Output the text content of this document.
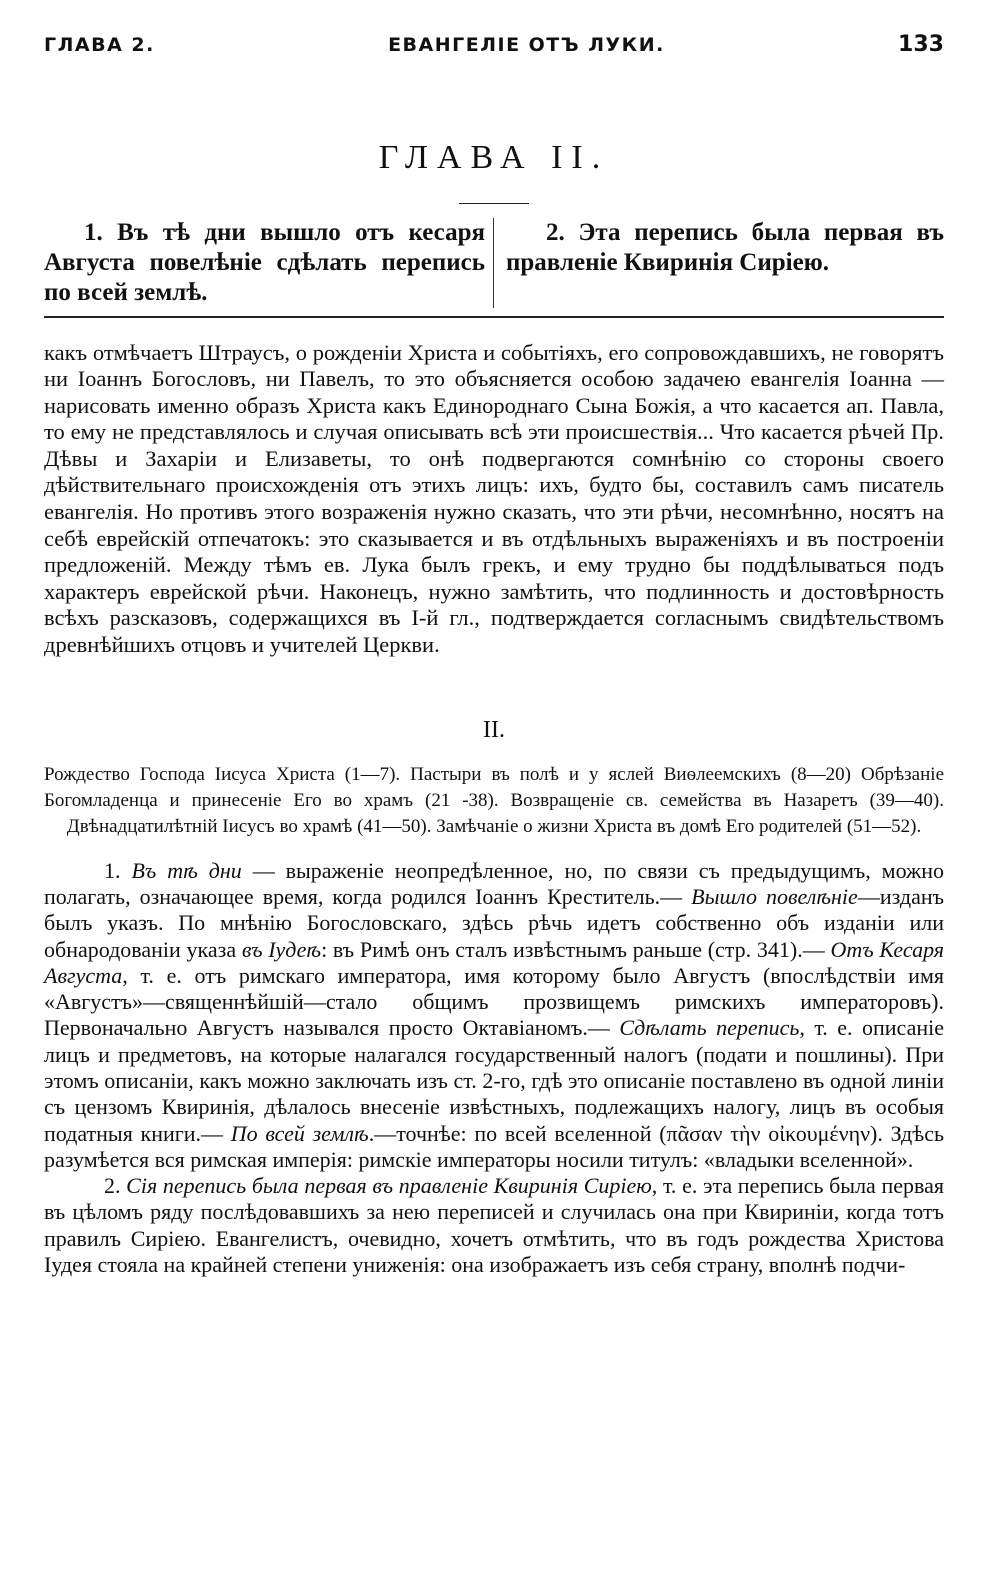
ГЛАВА 2.	ЕВАНГЕЛІЕ ОТЪ ЛУКИ.	133
ГЛАВА II.

1. Въ тѣ дни вышло отъ кесаря Августа повелѣніе сдѣлать перепись по всей землѣ.

2. Эта перепись была первая въ правленіе Квиринія Сиріею.

какъ отмѣчаетъ Штраусъ, о рожденіи Христа и событіяхъ, его сопровождавшихъ, не говорятъ ни Іоаннъ Богословъ, ни Павелъ, то это объясняется особою задачею евангелія Іоанна — нарисовать именно образъ Христа какъ Единороднаго Сына Божія, а что касается ап. Павла, то ему не представлялось и случая описывать всѣ эти происшествія... Что касается рѣчей Пр. Дѣвы и Захаріи и Елизаветы, то онѣ подвергаются сомнѣнію со стороны своего дѣйствительнаго происхожденія отъ этихъ лицъ: ихъ, будто бы, составилъ самъ писатель евангелія. Но противъ этого возраженія нужно сказать, что эти рѣчи, несомнѣнно, носятъ на себѣ еврейскій отпечатокъ: это сказывается и въ отдѣльныхъ выраженіяхъ и въ построеніи предложеній. Между тѣмъ ев. Лука былъ грекъ, и ему трудно бы поддѣлываться подъ характеръ еврейской рѣчи. Наконецъ, нужно замѣтить, что подлинность и достовѣрность всѣхъ разсказовъ, содержащихся въ I-й гл., подтверждается согласнымъ свидѣтельствомъ древнѣйшихъ отцовъ и учителей Церкви.

II.

Рождество Господа Іисуса Христа (1—7). Пастыри въ полѣ и у яслей Виѳлеемскихъ (8—20) Обрѣзаніе Богомладенца и принесеніе Его во храмъ (21 -38). Возвращеніе св. семейства въ Назаретъ (39—40). Двѣнадцатилѣтній Іисусъ во храмѣ (41—50). Замѣчаніе о жизни Христа въ домѣ Его родителей (51—52).

1. Въ тѣ дни — выраженіе неопредѣленное, но, по связи съ предыдущимъ, можно полагать, означающее время, когда родился Іоаннъ Креститель.— Вышло повелѣніе—изданъ былъ указъ. По мнѣнію Богословскаго, здѣсь рѣчь идетъ собственно объ изданіи или обнародованіи указа въ Іудеѣ: въ Римѣ онъ сталъ извѣстнымъ раньше (стр. 341).— Отъ Кесаря Августа, т. е. отъ римскаго императора, имя которому было Августъ (впослѣдствіи имя «Августъ»—священнѣйшій—стало общимъ прозвищемъ римскихъ императоровъ). Первоначально Августъ назывался просто Октавіаномъ.— Сдѣлать перепись, т. е. описаніе лицъ и предметовъ, на которые налагался государственный налогъ (подати и пошлины). При этомъ описаніи, какъ можно заключать изъ ст. 2-го, гдѣ это описаніе поставлено въ одной линіи съ цензомъ Квиринія, дѣлалось внесеніе извѣстныхъ, подлежащихъ налогу, лицъ въ особыя податныя книги.— По всей землѣ.—точнѣе: по всей вселенной (πᾶσαν τὴν οἰκουμένην). Здѣсь разумѣется вся римская имперія: римскіе императоры носили титулъ: «владыки вселенной».

2. Сія перепись была первая въ правленіе Квиринія Сиріею, т. е. эта перепись была первая въ цѣломъ ряду послѣдовавшихъ за нею переписей и случилась она при Квириніи, когда тотъ правилъ Сиріею. Евангелистъ, очевидно, хочетъ отмѣтить, что въ годъ рождества Христова Іудея стояла на крайней степени униженія: она изображаетъ изъ себя страну, вполнѣ подчи-
